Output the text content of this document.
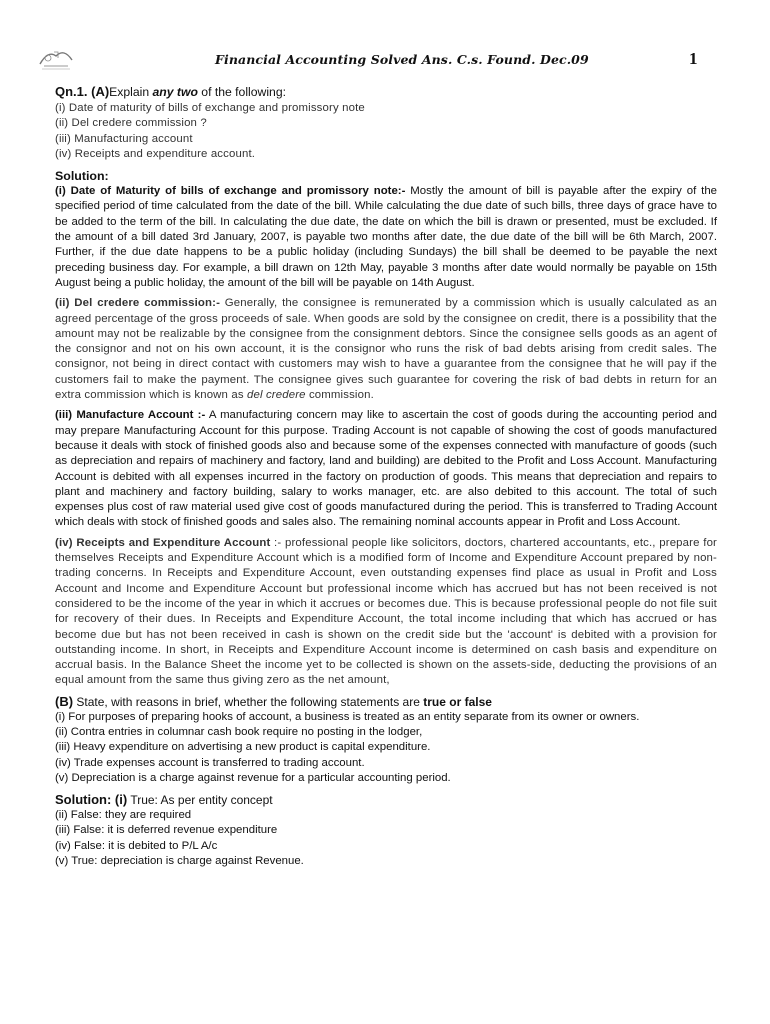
Financial Accounting Solved Ans. C.s. Found. Dec.09	1
Qn.1. (A)Explain any two of the following:

(i) Date of maturity of bills of exchange and promissory note

(ii) Del credere commission ?

(iii) Manufacturing account

(iv) Receipts and expenditure account.

Solution:

(i) Date of Maturity of bills of exchange and promissory note:- Mostly the amount of bill is payable after the expiry of the specified period of time calculated from the date of the bill. While calculating the due date of such bills, three days of grace have to be added to the term of the bill. In calculating the due date, the date on which the bill is drawn or presented, must be excluded. If the amount of a bill dated 3rd January, 2007, is payable two months after date, the due date of the bill will be 6th March, 2007. Further, if the due date happens to be a public holiday (including Sundays) the bill shall be deemed to be payable the next preceding business day. For example, a bill drawn on 12th May, payable 3 months after date would normally be payable on 15th August being a public holiday, the amount of the bill will be payable on 14th August.

(ii) Del credere commission:- Generally, the consignee is remunerated by a commission which is usually calculated as an agreed percentage of the gross proceeds of sale. When goods are sold by the consignee on credit, there is a possibility that the amount may not be realizable by the consignee from the consignment debtors. Since the consignee sells goods as an agent of the consignor and not on his own account, it is the consignor who runs the risk of bad debts arising from credit sales. The consignor, not being in direct contact with customers may wish to have a guarantee from the consignee that he will pay if the customers fail to make the payment. The consignee gives such guarantee for covering the risk of bad debts in return for an extra commission which is known as del credere commission.

(iii) Manufacture Account :- A manufacturing concern may like to ascertain the cost of goods during the accounting period and may prepare Manufacturing Account for this purpose. Trading Account is not capable of showing the cost of goods manufactured because it deals with stock of finished goods also and because some of the expenses connected with manufacture of goods (such as depreciation and repairs of machinery and factory, land and building) are debited to the Profit and Loss Account. Manufacturing Account is debited with all expenses incurred in the factory on production of goods. This means that depreciation and repairs to plant and machinery and factory building, salary to works manager, etc. are also debited to this account. The total of such expenses plus cost of raw material used give cost of goods manufactured during the period. This is transferred to Trading Account which deals with stock of finished goods and sales also. The remaining nominal accounts appear in Profit and Loss Account.

(iv) Receipts and Expenditure Account :- professional people like solicitors, doctors, chartered accountants, etc., prepare for themselves Receipts and Expenditure Account which is a modified form of Income and Expenditure Account prepared by non-trading concerns. In Receipts and Expenditure Account, even outstanding expenses find place as usual in Profit and Loss Account and Income and Expenditure Account but professional income which has accrued but has not been received is not considered to be the income of the year in which it accrues or becomes due. This is because professional people do not file suit for recovery of their dues. In Receipts and Expenditure Account, the total income including that which has accrued or has become due but has not been received in cash is shown on the credit side but the 'account' is debited with a provision for outstanding income. In short, in Receipts and Expenditure Account income is determined on cash basis and expenditure on accrual basis. In the Balance Sheet the income yet to be collected is shown on the assets-side, deducting the provisions of an equal amount from the same thus giving zero as the net amount,

(B) State, with reasons in brief, whether the following statements are true or false

(i) For purposes of preparing hooks of account, a business is treated as an entity separate from its owner or owners.

(ii) Contra entries in columnar cash book require no posting in the lodger,

(iii) Heavy expenditure on advertising a new product is capital expenditure.

(iv) Trade expenses account is transferred to trading account.

(v) Depreciation is a charge against revenue for a particular accounting period.

Solution: (i) True: As per entity concept

(ii) False: they are required

(iii) False: it is deferred revenue expenditure

(iv) False: it is debited to P/L A/c

(v) True: depreciation is charge against Revenue.
